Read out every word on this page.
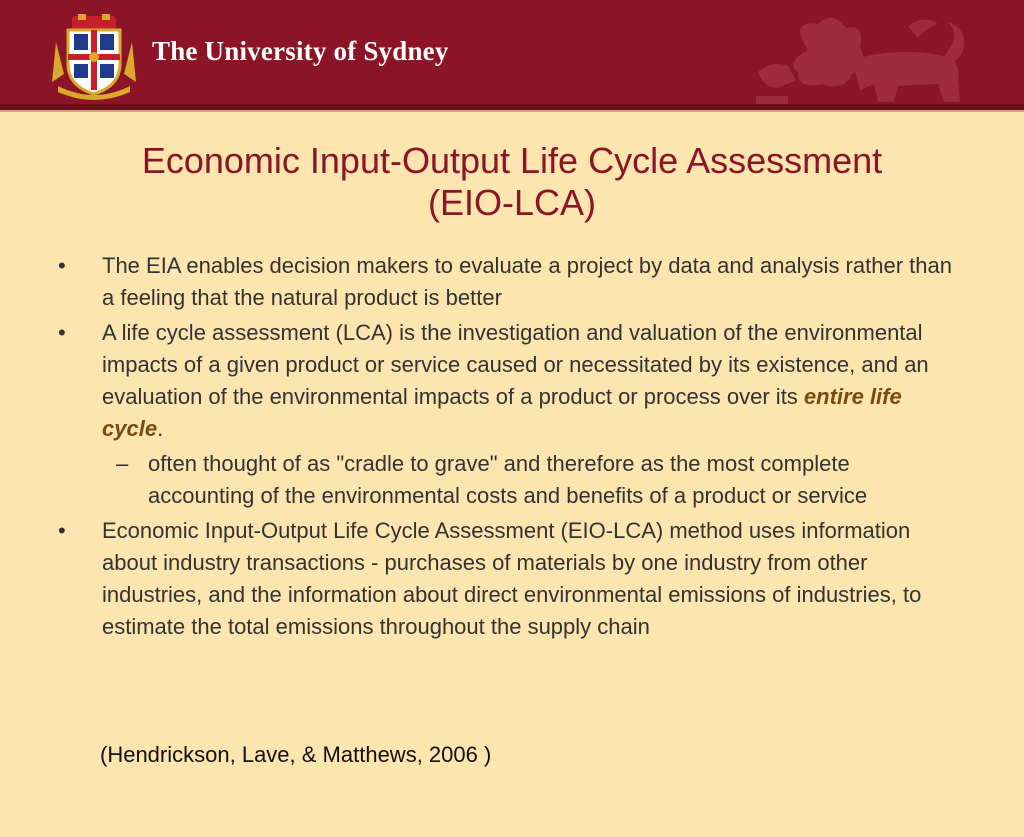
The University of Sydney
Economic Input-Output Life Cycle Assessment
(EIO-LCA)
•	The EIA enables decision makers to evaluate a project by data and analysis rather than a feeling that the natural product is better
•	A life cycle assessment (LCA) is the investigation and valuation of the environmental impacts of a given product or service caused or necessitated by its existence, and an evaluation of the environmental impacts of a product or process over its entire life cycle.
– often thought of as "cradle to grave" and therefore as the most complete accounting of the environmental costs and benefits of a product or service
•	Economic Input-Output Life Cycle Assessment (EIO-LCA) method uses information about industry transactions - purchases of materials by one industry from other industries, and the information about direct environmental emissions of industries, to estimate the total emissions throughout the supply chain
(Hendrickson, Lave, & Matthews, 2006 )
